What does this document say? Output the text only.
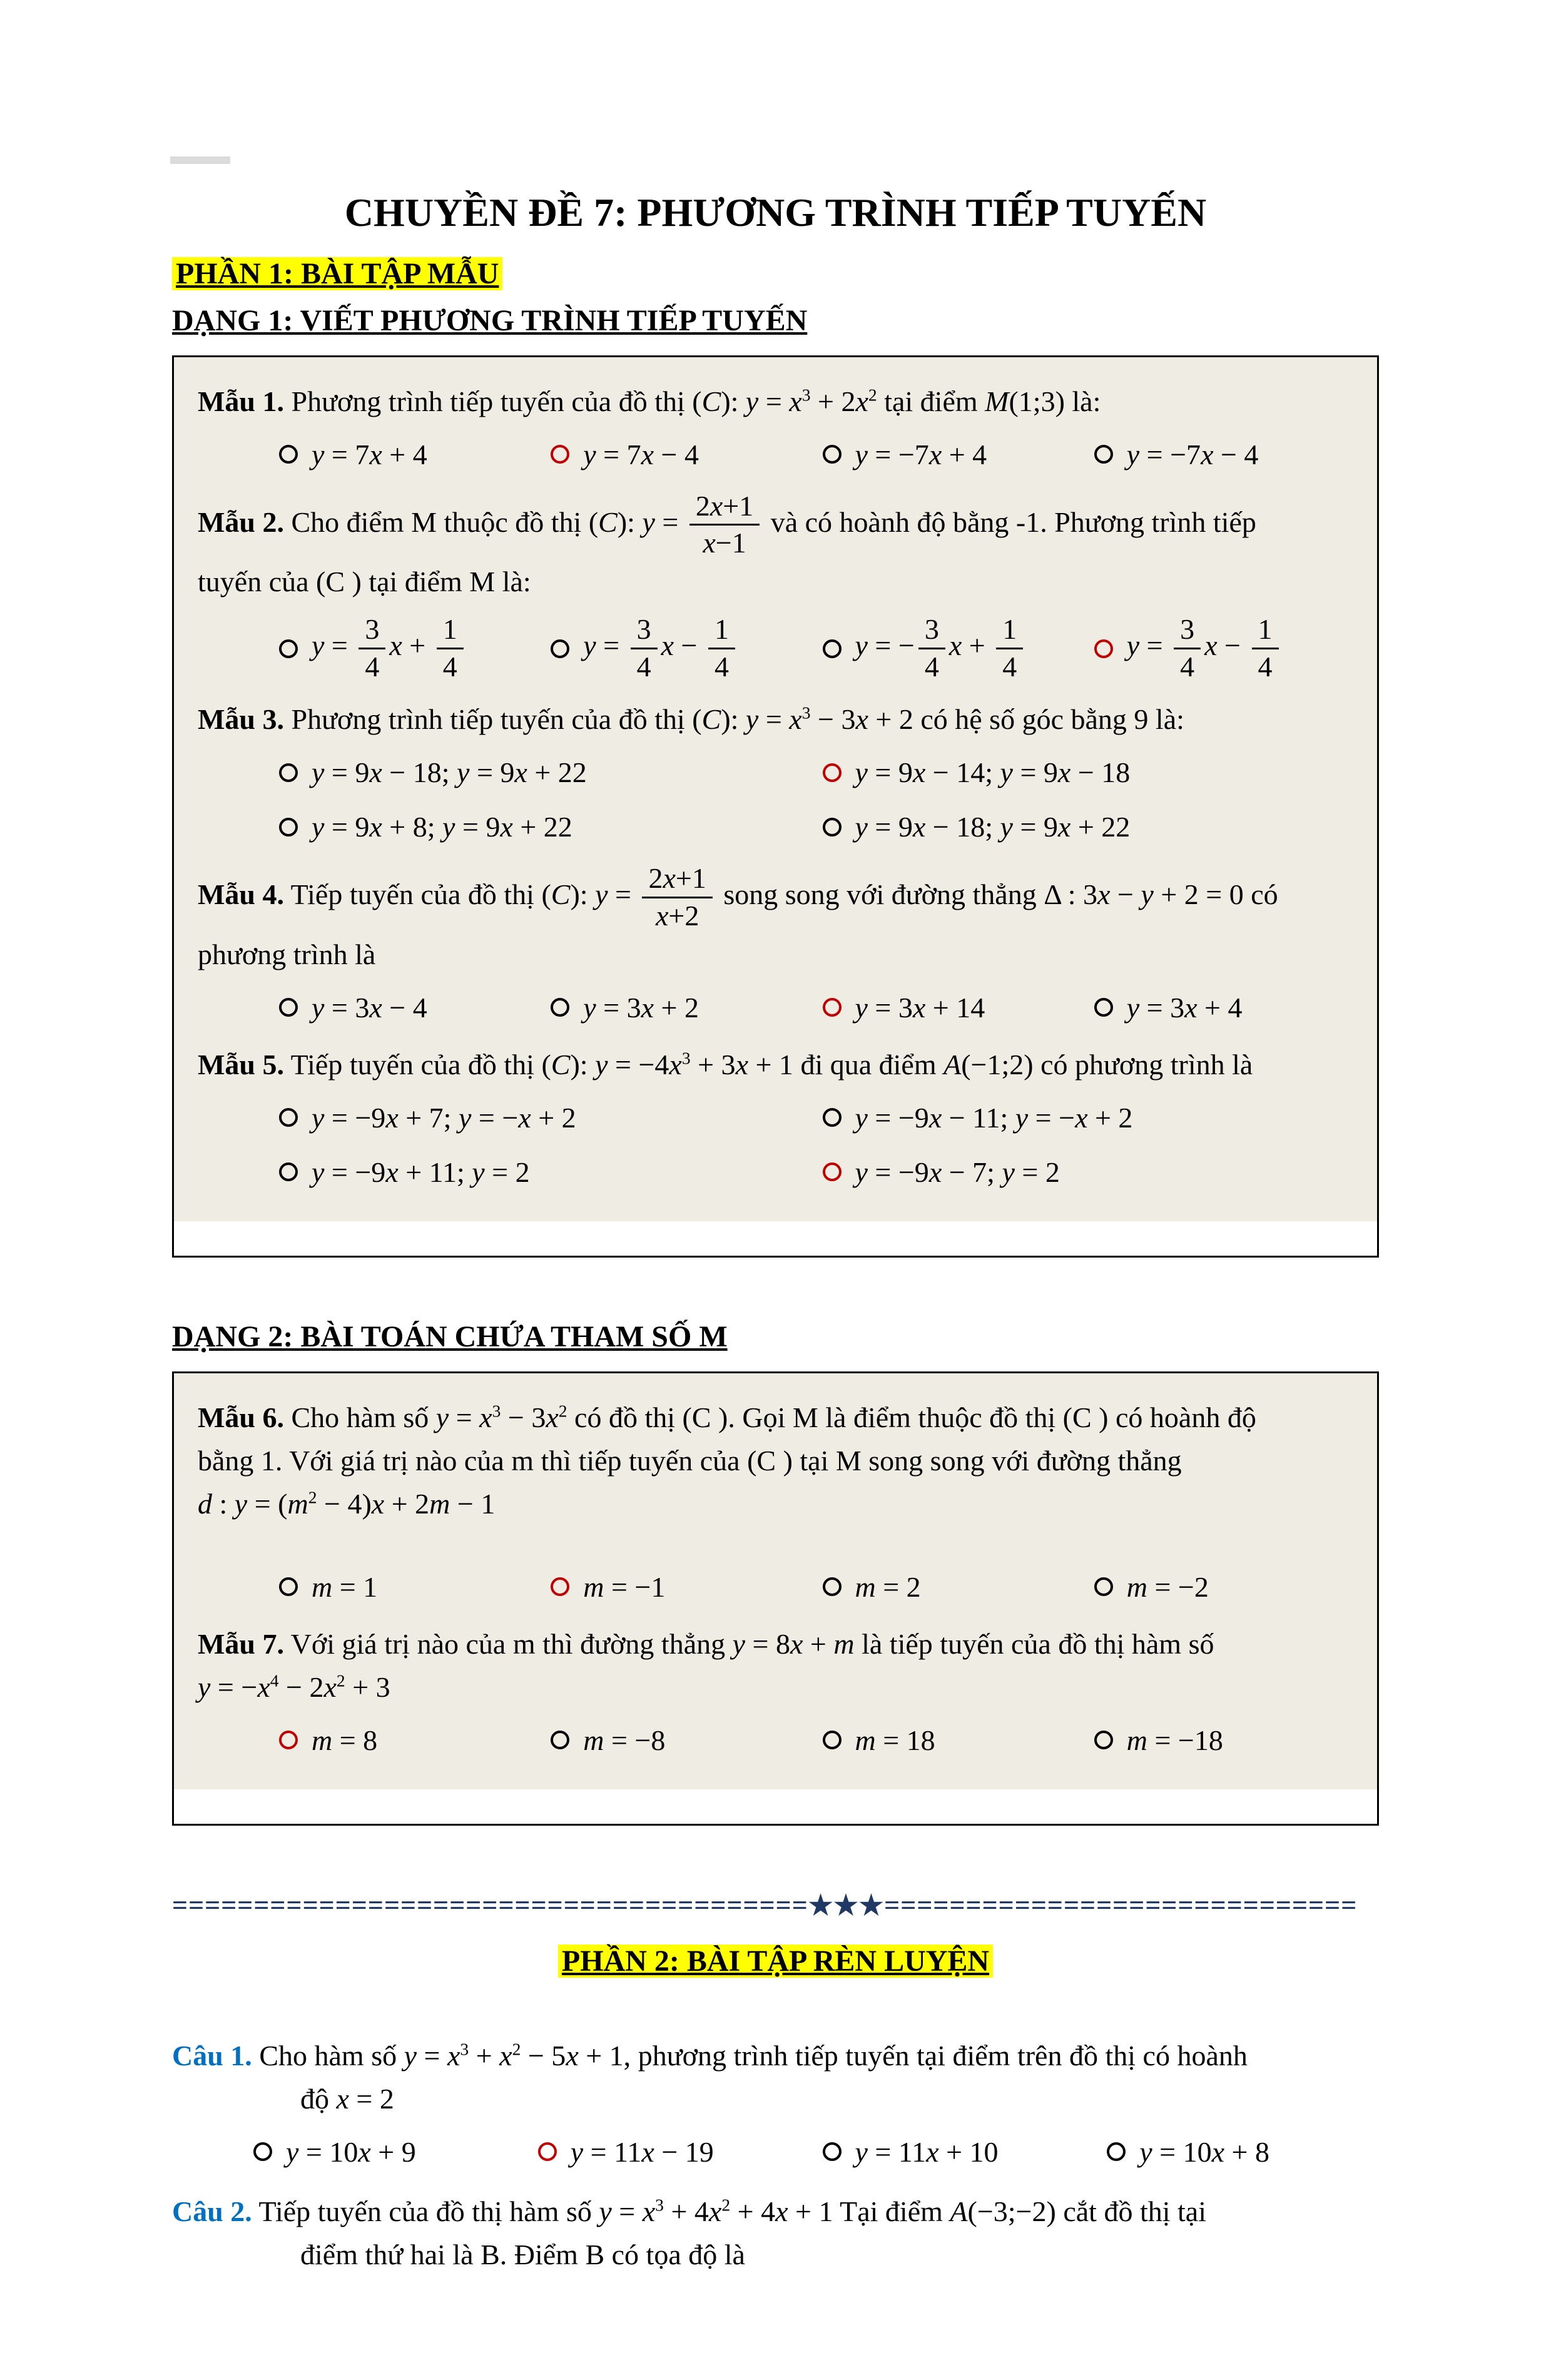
CHUYỀN ĐỀ 7: PHƯƠNG TRÌNH TIẾP TUYẾN
PHẦN 1: BÀI TẬP MẪU
DẠNG 1: VIẾT PHƯƠNG TRÌNH TIẾP TUYẾN

Mẫu 1. Phương trình tiếp tuyến của đồ thị (C): $y = x^3 + 2x^2$ tại điểm M(1;3) là:

y = 7x + 4	y = 7x − 4	y = −7x + 4	y = −7x − 4

Mẫu 2. Cho điểm M thuộc đồ thị (C): $y = \frac{2x+1}{x-1}$ và có hoành độ bằng -1. Phương trình tiếp
tuyến của (C ) tại điểm M là:

$y = \frac{3}{4}$ $x + \frac{1}{4}$	$y = \frac{3}{4}$ $x - \frac{1}{4}$	y = − $\frac{3}{4}$ $x + \frac{1}{4}$	$y = \frac{3}{4}$ $x - \frac{1}{4}$

Mẫu 3. Phương trình tiếp tuyến của đồ thị (C): $y = x^3 - 3x + 2$ có hệ số góc bằng 9 là:

y = 9x − 18; y = 9x + 22	y = 9x − 14; y = 9x − 18
y = 9x + 8; y = 9x + 22	y = 9x − 18; y = 9x + 22

Mẫu 4. Tiếp tuyến của đồ thị (C): $y = \frac{2x+1}{x+2}$ song song với đường thẳng Δ : 3x − y + 2 = 0 có
phương trình là

y = 3x − 4	y = 3x + 2	y = 3x + 14	y = 3x + 4

Mẫu 5. Tiếp tuyến của đồ thị (C): $y = -4x^3 + 3x + 1$ đi qua điểm A(−1;2) có phương trình là

y = −9x + 7; y = −x + 2	y = −9x − 11; y = −x + 2
y = −9x + 11; y = 2	y = −9x − 7; y = 2
DẠNG 2: BÀI TOÁN CHỨA THAM SỐ M

Mẫu 6. Cho hàm số $y = x^3 - 3x^2$ có đồ thị (C ). Gọi M là điểm thuộc đồ thị (C ) có hoành độ
bằng 1. Với giá trị nào của m thì tiếp tuyến của (C ) tại M song song với đường thẳng
d : $y = (m^2 - 4)x + 2m - 1$

m = 1	m = −1	m = 2	m = −2

Mẫu 7. Với giá trị nào của m thì đường thẳng y = 8x + m là tiếp tuyến của đồ thị hàm số
$y = -x^4 - 2x^2 + 3$

m = 8	m = −8	m = 18	m = −18
=======================================★★★=============================
PHẦN 2: BÀI TẬP RÈN LUYỆN

Câu 1. Cho hàm số $y = x^3 + x^2 - 5x + 1$, phương trình tiếp tuyến tại điểm trên đồ thị có hoành
độ x = 2

y = 10x + 9	y = 11x − 19	y = 11x + 10	y = 10x + 8

Câu 2. Tiếp tuyến của đồ thị hàm số $y = x^3 + 4x^2 + 4x + 1$ Tại điểm A(−3;−2) cắt đồ thị tại
điểm thứ hai là B. Điểm B có tọa độ là
